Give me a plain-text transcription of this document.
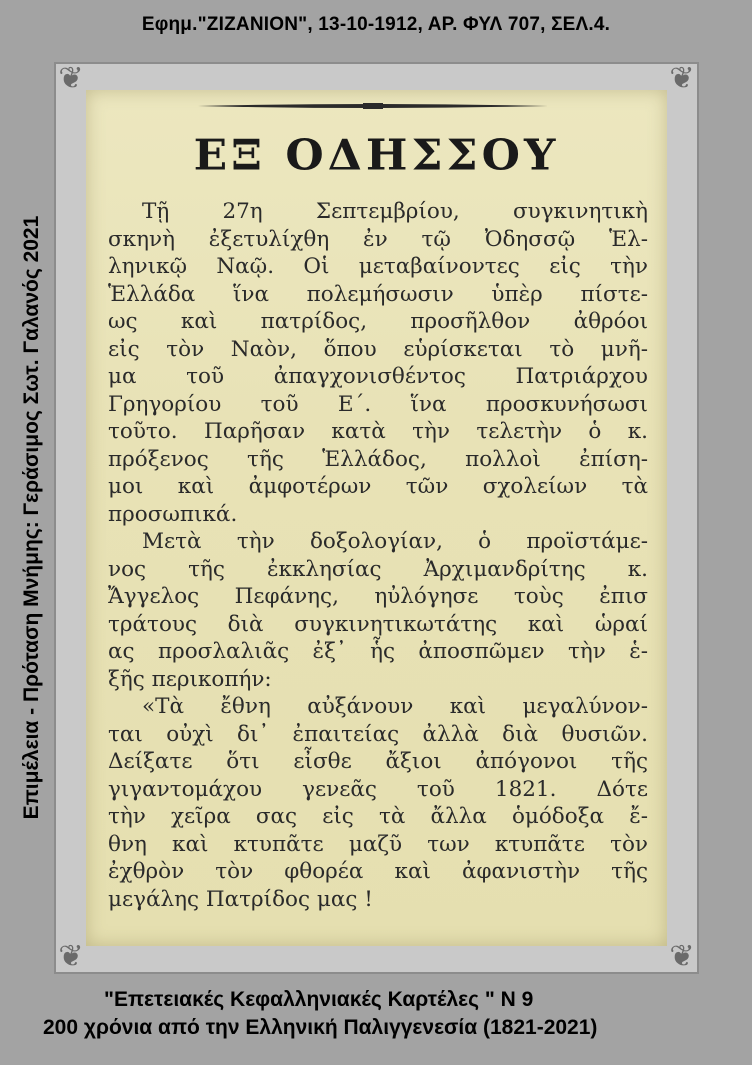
Εφημ."ΖΙΖΑΝΙΟΝ", 13-10-1912, ΑΡ. ΦΥΛ 707, ΣΕΛ.4.
Επιμέλεια - Πρόταση Μνήμης: Γεράσιμος Σωτ. Γαλανός 2021
❦	❦
❦	❦
ΕΞ ΟΔΗΣΣΟΥ
Τῇ 27η Σεπτεμβρίου, συγκινητικὴ
σκηνὴ ἐξετυλίχθη ἐν τῷ Ὀδησσῷ Ἑλ-
ληνικῷ Ναῷ. Οἱ μεταβαίνοντες εἰς τὴν
Ἑλλάδα ἵνα πολεμήσωσιν ὑπὲρ πίστε-
ως καὶ πατρίδος, προσῆλθον ἀθρόοι
εἰς τὸν Ναὸν, ὅπου εὑρίσκεται τὸ μνῆ-
μα τοῦ ἀπαγχονισθέντος Πατριάρχου
Γρηγορίου τοῦ Ε΄. ἵνα προσκυνήσωσι
τοῦτο. Παρῆσαν κατὰ τὴν τελετὴν ὁ κ.
πρόξενος τῆς Ἑλλάδος, πολλοὶ ἐπίση-
μοι καὶ ἀμφοτέρων τῶν σχολείων τὰ
προσωπικά.
Μετὰ τὴν δοξολογίαν, ὁ προϊστάμε-
νος τῆς ἐκκλησίας Ἀρχιμανδρίτης κ.
Ἄγγελος Πεφάνης, ηὐλόγησε τοὺς ἐπισ
τράτους διὰ συγκινητικωτάτης καὶ ὡραί
ας προσλαλιᾶς ἐξ᾽ ἧς ἀποσπῶμεν τὴν ἑ-
ξῆς περικοπήν:
«Τὰ ἔθνη αὐξάνουν καὶ μεγαλύνον-
ται οὐχὶ δι᾽ ἐπαιτείας ἀλλὰ διὰ θυσιῶν.
Δείξατε ὅτι εἶσθε ἄξιοι ἀπόγονοι τῆς
γιγαντομάχου γενεᾶς τοῦ 1821. Δότε
τὴν χεῖρα σας εἰς τὰ ἄλλα ὁμόδοξα ἔ-
θνη καὶ κτυπᾶτε μαζῦ των κτυπᾶτε τὸν
ἐχθρὸν τὸν φθορέα καὶ ἀφανιστὴν τῆς
μεγάλης Πατρίδος μας !
"Επετειακές Κεφαλληνιακές Καρτέλες " Ν 9
200 χρόνια από την Ελληνική Παλιγγενεσία (1821-2021)
